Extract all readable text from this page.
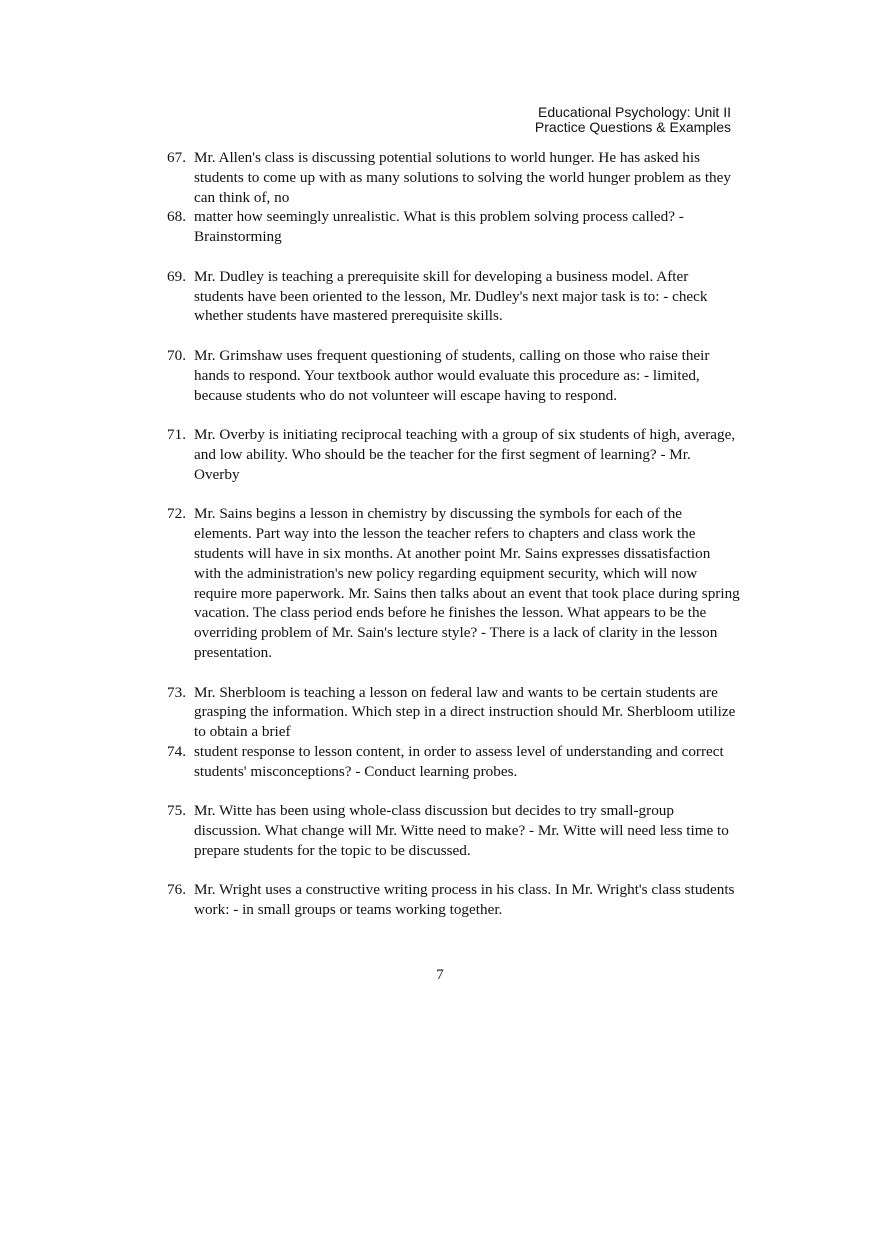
Educational Psychology: Unit II
Practice Questions & Examples
67. Mr. Allen's class is discussing potential solutions to world hunger. He has asked his
students to come up with as many solutions to solving the world hunger problem as they
can think of, no
68. matter how seemingly unrealistic. What is this problem solving process called? -
Brainstorming
69. Mr. Dudley is teaching a prerequisite skill for developing a business model. After
students have been oriented to the lesson, Mr. Dudley's next major task is to: - check
whether students have mastered prerequisite skills.
70. Mr. Grimshaw uses frequent questioning of students, calling on those who raise their
hands to respond. Your textbook author would evaluate this procedure as: - limited,
because students who do not volunteer will escape having to respond.
71. Mr. Overby is initiating reciprocal teaching with a group of six students of high, average,
and low ability. Who should be the teacher for the first segment of learning? - Mr.
Overby
72. Mr. Sains begins a lesson in chemistry by discussing the symbols for each of the
elements. Part way into the lesson the teacher refers to chapters and class work the
students will have in six months. At another point Mr. Sains expresses dissatisfaction
with the administration's new policy regarding equipment security, which will now
require more paperwork. Mr. Sains then talks about an event that took place during spring
vacation. The class period ends before he finishes the lesson. What appears to be the
overriding problem of Mr. Sain's lecture style? - There is a lack of clarity in the lesson
presentation.
73. Mr. Sherbloom is teaching a lesson on federal law and wants to be certain students are
grasping the information. Which step in a direct instruction should Mr. Sherbloom utilize
to obtain a brief
74. student response to lesson content, in order to assess level of understanding and correct
students' misconceptions? - Conduct learning probes.
75. Mr. Witte has been using whole-class discussion but decides to try small-group
discussion. What change will Mr. Witte need to make? - Mr. Witte will need less time to
prepare students for the topic to be discussed.
76. Mr. Wright uses a constructive writing process in his class. In Mr. Wright's class students
work: - in small groups or teams working together.
7
